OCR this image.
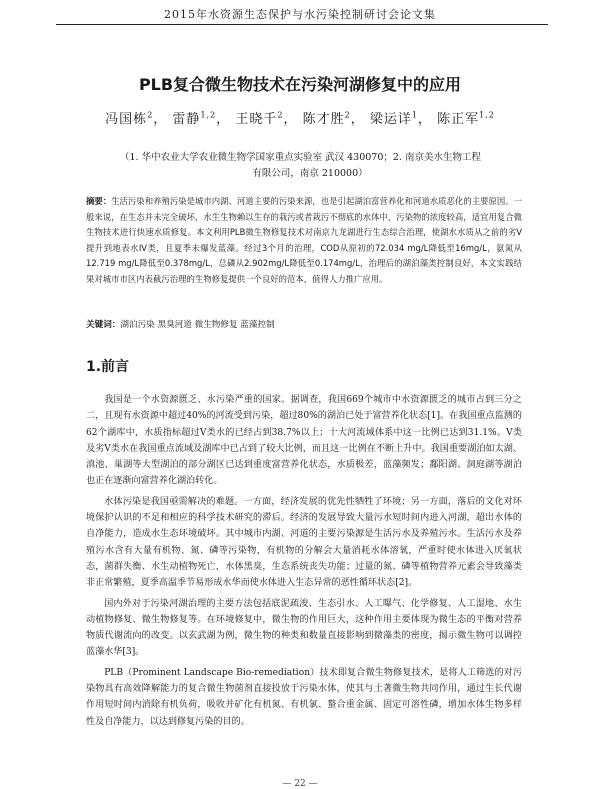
2015年水资源生态保护与水污染控制研讨会论文集
PLB复合微生物技术在污染河湖修复中的应用
冯国栋$^2$， 雷静$^{1,2}$， 王晓千$^2$， 陈才胜$^2$， 梁运详$^1$， 陈正军$^{1,2}$
（1. 华中农业大学农业微生物学国家重点实验室 武汉 430070；2. 南京美水生物工程
有限公司，南京 210000）
摘要：生活污染和养殖污染是城市内湖、河道主要的污染来源，也是引起湖泊富营养化和河道水质恶化的主要原因。一般来说，在生态并未完全破坏，水生生物赖以生存的栽污或者栽污不彻底的水体中，污染物的浓度较高，适宜用复合微生物技术进行快速水质修复。本文利用PLB微生物修复技术对南京九龙湖进行生态综合治理，使湖水水质从之前的劣V提升到地表水IV类，且夏季未爆发蓝藻。经过3个月的治理，COD从原初的72.034 mg/L降低至16mg/L，氨氮从12.719 mg/L降低至0.378mg/L，总磷从2.902mg/L降低至0.174mg/L，治理后的湖泊藻类控制良好，本文实践结果对城市市区内表截污治理的生物修复提供一个良好的范本，值得人力推广应用。
关键词：湖泊污染 黑臭河道 微生物修复 蓝藻控制
1.前言

我国是一个水资源匮乏、水污染严重的国家。据调查，我国669个城市中水资源匮乏的城市占到三分之二，且现有水资源中超过40%的河流受到污染，超过80%的湖泊已处于富营养化状态[1]。在我国重点监测的62个湖库中，水质指标超过V类水的已经占到38.7%以上；十大河流域体系中这一比例已达到31.1%。V类及劣V类水在我国重点流域及湖库中已占到了较大比例，而且这一比例在不断上升中。我国重要湖泊如太湖、滇池、巢湖等大型湖泊的部分湖区已达到重度富营养化状态，水质极差，蓝藻频发；鄱阳湖、洞庭湖等湖泊也正在逐渐向富营养化湖泊转化。

水体污染是我国亟需解决的难题。一方面，经济发展的优先性牺牲了环境；另一方面，落后的文化对环境保护认识的不足和相应的科学技术研究的滞后。经济的发展导致大量污水短时间内进入河湖，超出水体的自净能力，造成水生态环境破坏。其中城市内湖、河道的主要污染源是生活污水及养殖污水。生活污水及养殖污水含有大量有机物、氮、磷等污染物，有机物的分解会大量消耗水体溶氧，严重时使水体进入厌氧状态，菌群失衡、水生动植物死亡，水体黑臭，生态系统丧失功能；过量的氮、磷等植物营养元素会导致藻类非正常繁殖，夏季高温季节易形成水华而使水体进入生态异常的恶性循环状态[2]。

国内外对于污染河湖治理的主要方法包括底泥疏浚、生态引水、人工曝气、化学修复、人工湿地、水生动植物修复、微生物修复等。在环境修复中，微生物的作用巨大，这种作用主要体现为微生态的平衡对营养物质代谢流向的改变。以玄武湖为例，微生物的种类和数量直接影响到微藻类的密度，揭示微生物可以调控蓝藻水华[3]。

PLB（Prominent Landscape Bio-remediation）技术即复合微生物修复技术，是将人工筛选的对污染物具有高效降解能力的复合微生物菌剂直接投放于污染水体，使其与土著微生物共同作用，通过生长代谢作用短时间内消除有机负荷，吸收并矿化有机氮、有机氯、螯合重金属、固定可溶性磷，增加水体生物多样性及自净能力，以达到修复污染的目的。

— 22 —
